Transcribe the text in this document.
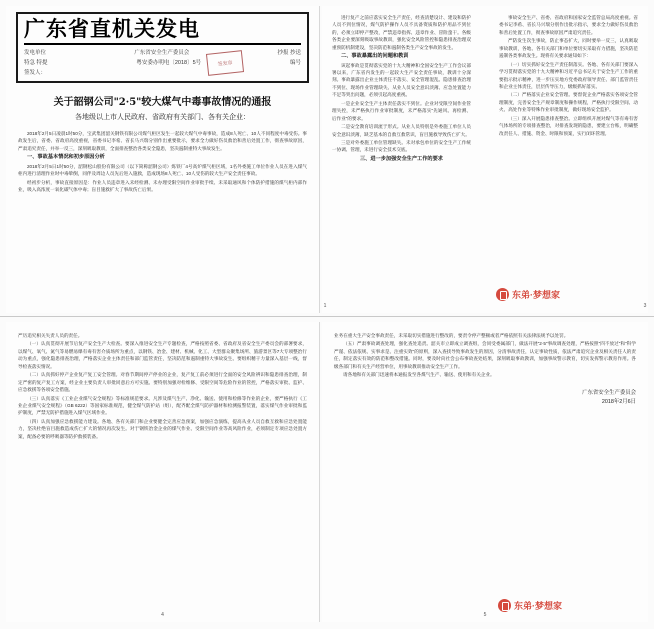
广东省直机关发电
发电单位	广东省安全生产委员会	抄报 抄送
特急 特提	签发章
粤安委办明电〔2018〕5号	编号
签发人：
关于韶钢公司"2·5"较大煤气中毒事故情况的通报
各地级以上市人民政府、省政府有关部门、各有关企业：

2018年2月5日凌晨1时50分，宝武集团韶关钢铁有限公司煤气柜区发生一起较大煤气中毒事故，造成8人死亡、10人不同程度中毒受伤。事故发生后，省委、省政府高度重视，省委书记李希、省长马兴瑞分别作出重要批示，要求全力做好伤员救治和善后处置工作，彻查事故原因，严肃追究责任，并举一反三，深刻吸取教训，全面排查整治各类安全隐患，坚决遏制重特大事故发生。

一、事故基本情况和初步原因分析

2018年2月5日1时50分，韶钢松山股份有限公司（以下简称韶钢公司）炼铁厂4号高炉煤气柜区域，1名外委施工单位作业人员在进入煤气柜内进行清理作业时中毒晕倒，同伴及周边人员先后进入施救，造成现场8人死亡、10人受伤的较大生产安全责任事故。

经初步分析，事故直接原因是：作业人员违章进入未经检测、未办理受限空间作业审批手续、未采取通风和个体防护措施的煤气柜内部作业，吸入高浓度一氧化碳气体中毒；盲目施救扩大了事故伤亡后果。

进行复产之前应落实安全生产责任，经查清楚设计、建设和防护人员不到位情况，煤气防护操作人员不具备资质和防护用品不到位的，必须立即停产整改，严禁违章指挥、违章作业、冒险蛮干。各级各类企业要深刻吸取事故教训，强化安全风险管控和隐患排查治理双重预防机制建设，坚决防范和遏制各类生产安全事故的发生。

二、事故暴露出的问题和教训

该起事故是贯彻落实党的十九大精神和全国安全生产工作会议部署以来，广东省内发生的一起较大生产安全责任事故，教训十分深刻。事故暴露出企业主体责任不落实、安全管理混乱、隐患排查治理不到位、现场作业管理缺失、从业人员安全意识淡薄、应急处置能力不足等突出问题，必须引起高度重视。

一是企业安全生产主体责任落实不到位。企业对受限空间作业管理失控，未严格执行作业审批制度，未严格落实"先通风、再检测、后作业"的要求。

二是安全教育培训流于形式。从业人员特别是外委施工单位人员安全意识淡薄，缺乏基本的自救互救常识，盲目施救导致伤亡扩大。

三是对外委施工单位管理缺失。未对承包单位的安全生产工作统一协调、管理，未进行安全技术交底。

三、进一步加强安全生产工作的要求

事故安全生产、省委、省政府和国家安全监管总局高度重视。省委书记李希、省长马兴瑞分别作出批示指示，要求全力做好伤员救治和善后处置工作，彻查事故原因严肃追究责任。

严防发生次生事故，防止事态扩大，同时要举一反三，认真吸取事故教训，各地、各有关部门和单位要切实采取有力措施，坚决防范遏制各类事故发生。现将有关要求通知如下：

（一）切实抓好安全生产责任制落实。各地、各有关部门要深入学习贯彻落实党的十九大精神和习近平总书记关于安全生产工作的重要指示批示精神，进一步压实地方党委政府领导责任、部门监管责任和企业主体责任，层层传导压力，级级抓好落实。

（二）严格落实企业安全管理。要督促企业严格落实各项安全管理制度，完善安全生产规章制度和操作规程，严格执行受限空间、动火、高处作业等特殊作业审批制度，做好现场安全监护。

（三）深入开展隐患排查整治。立即组织开展对煤气等有毒有害气体场所的专项排查整治，对排查发现的隐患，要建立台账，明确整改责任人、措施、资金、时限和预案，实行闭环管理。

东弟·梦想家
1	3

严历追究相关失责人员的责任。

（一）认真贯彻开展节后复产安全生产大检查。要深入推进安全生产专题检查，严格按照省委、省政府及省安全生产委员会的部署要求，以煤气、氧气、氮气等易燃易爆有毒有害介质场所为重点，以钢铁、冶金、建材、机械、化工、大型群众聚集场所、旅游景区等7大专项整治行动为重点，强化隐患排查治理，严格落实企业主体责任和部门监管责任，坚决防范和遏制重特大事故发生。要组织精干力量深入基层一线，督导检查落实情况。

（二）认真抓好停产企业复产复工安全管理。对春节期间停产停业的企业，复产复工前必须进行全面的安全风险辨识和隐患排查治理，制定严密的复产复工方案，经企业主要负责人审批同意后方可实施。要特别加强对检维修、受限空间等危险作业的管控，严格落实审批、监护、应急救援等各项安全措施。

（三）认真落实《工业企业煤气安全规程》等标准规范要求。凡涉及煤气生产、净化、输送、使用和检修等作业的企业，要严格执行《工业企业煤气安全规程》（GB 6222）等国家标准规范，健全煤气防护站（组），配齐配全煤气防护器材和检测报警装置，落实煤气作业审批和监护制度，严禁无防护措施进入煤气区域作业。

（四）认真加强应急救援能力建设。各地、各有关部门和企业要健全完善应急预案，加强应急演练，提高从业人员自救互救和应急处置能力，坚决杜绝盲目施救造成伤亡扩大的情况再次发生。对于钢铁冶金企业的煤气作业、受限空间作业等高风险作业，必须制定专项应急处置方案，配备必要的呼吸器等防护救援装备。

4

业务在重大生产安全事故责任，未采取切实措施进行整改的，要责令停产整顿或者严格依照有关法律法规予以处罚。

（五）严肃事故调查处理，强化查处追责。韶关市立即成立调查组，会同受委属部门，做法开展"2·5"事故调查处理，严格按照"四不放过"和"科学严谨、依法依规、实事求是、注重实效"的原则，深入查找导致事故发生的原因，分清事故责任，认定事故性质，依法严肃追究企业及相关责任人的责任，制定落实有效的防范和整改措施。同时，要及时向社会公布事故查处结果，深刻吸取事故教训，加强事故警示教育，切实发挥警示教育作用。各级各部门和有关生产经营单位，用事故教训推动安全生产工作。

请各地和有关部门迅速将本通报发至各煤气生产、输送、使用和有关企业。

广东省安全生产委员会
2018年2月6日
东弟·梦想家
5
